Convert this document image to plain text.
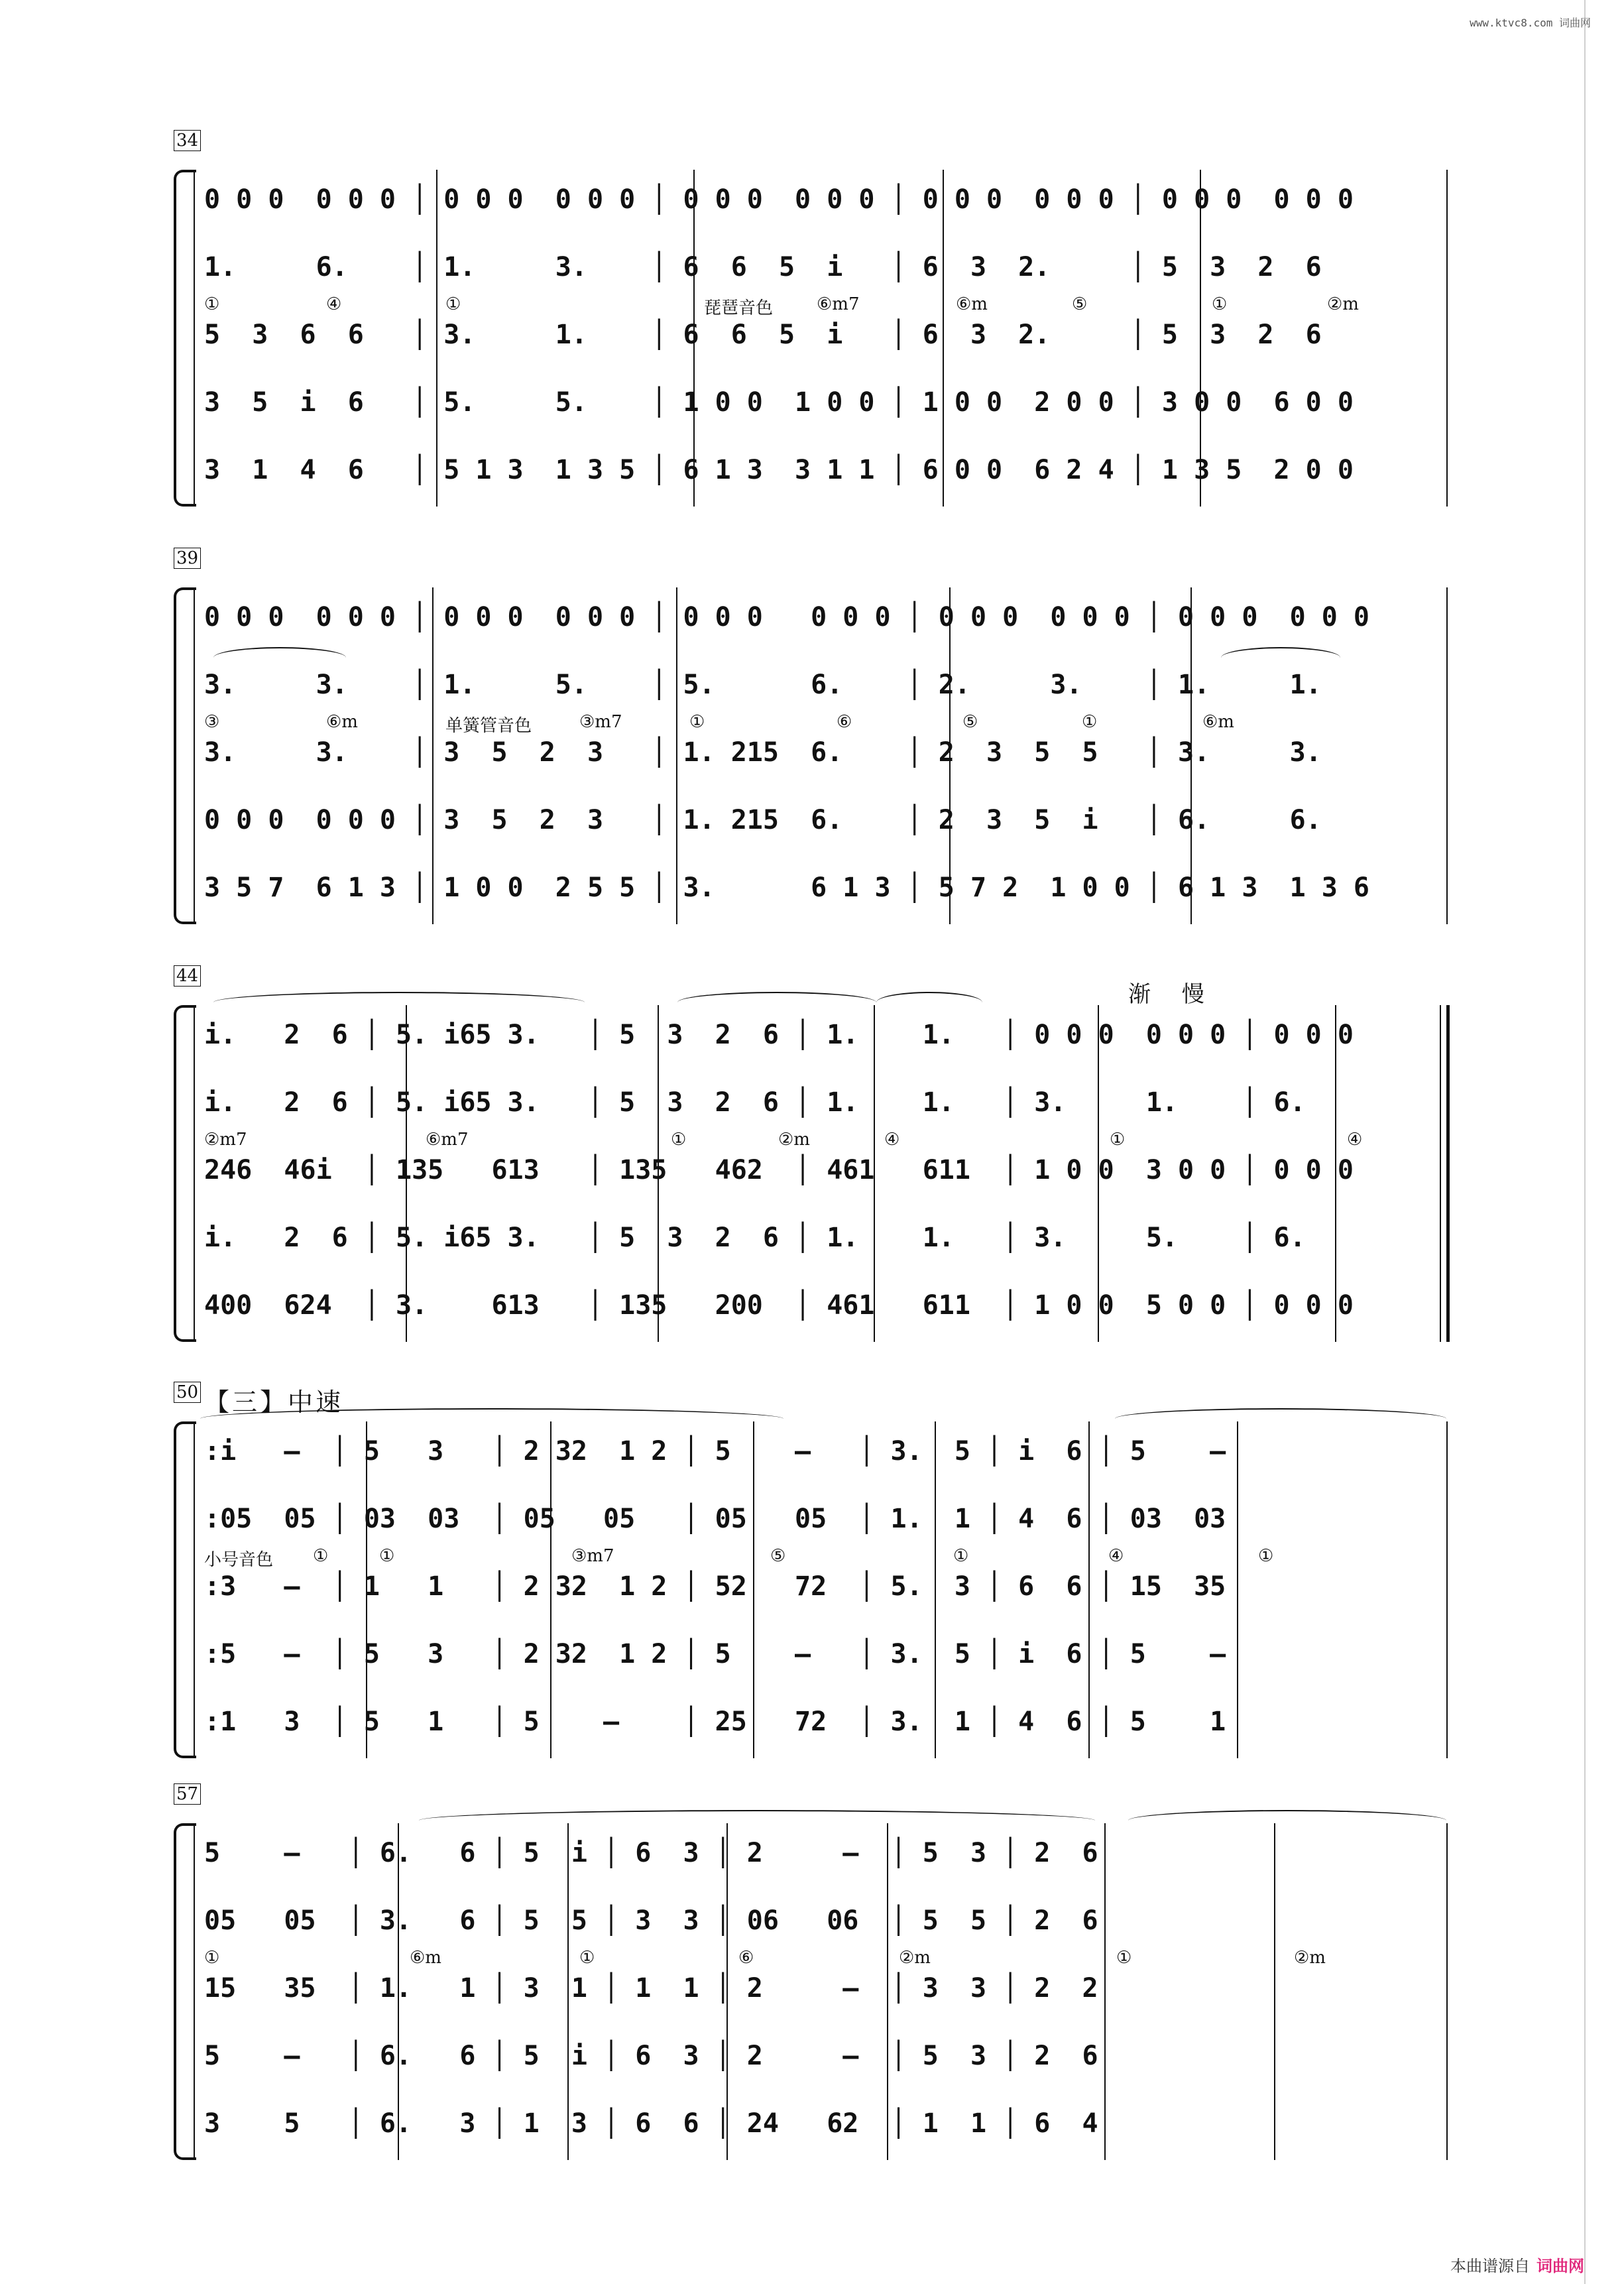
www.ktvc8.com 词曲网
34
0 0 0  0 0 0 │ 0 0 0  0 0 0 │ 0 0 0  0 0 0 │ 0 0 0  0 0 0 │ 0 0 0  0 0 0
1.     6.    │ 1.     3.    │ 6  6  5  i   │ 6  3  2.     │ 5  3  2  6
5  3  6  6   │ 3.     1.    │ 6  6  5  i   │ 6  3  2.     │ 5  3  2  6
3  5  i  6   │ 5.     5.    │ 1 0 0  1 0 0 │ 1 0 0  2 0 0 │ 3 0 0  6 0 0
3  1  4  6   │ 5 1 3  1 3 5 │ 6 1 3  3 1 1 │ 6 0 0  6 2 4 │ 1 3 5  2 0 0
①	④	①	琵琶音色	⑥m7	⑥m	⑤	①	②m
39
0 0 0  0 0 0 │ 0 0 0  0 0 0 │ 0 0 0   0 0 0 │ 0 0 0  0 0 0 │ 0 0 0  0 0 0
3.     3.    │ 1.     5.    │ 5.      6.    │ 2.     3.    │ 1.     1.
3.     3.    │ 3  5  2  3   │ 1. 215  6.    │ 2  3  5  5   │ 3.     3.
0 0 0  0 0 0 │ 3  5  2  3   │ 1. 215  6.    │ 2  3  5  i   │ 6.     6.
3 5 7  6 1 3 │ 1 0 0  2 5 5 │ 3.      6 1 3 │ 5 7 2  1 0 0 │ 6 1 3  1 3 6
③	⑥m	单簧管音色	③m7	①	⑥	⑤	①	⑥m
44
渐 慢
i.   2  6 │ 5. i65 3.   │ 5  3  2  6 │ 1.    1.   │ 0 0 0  0 0 0 │ 0 0 0
i.   2  6 │ 5. i65 3.   │ 5  3  2  6 │ 1.    1.   │ 3.     1.    │ 6.
246  46i  │ 135   613   │ 135   462  │ 461   611  │ 1 0 0  3 0 0 │ 0 0 0
i.   2  6 │ 5. i65 3.   │ 5  3  2  6 │ 1.    1.   │ 3.     5.    │ 6.
400  624  │ 3.    613   │ 135   200  │ 461   611  │ 1 0 0  5 0 0 │ 0 0 0
②m7	⑥m7	①	②m	④	①	④
50 【三】中速
:i   –  │ 5   3   │ 2 32  1 2 │ 5    –   │ 3.  5 │ i  6 │ 5    –
:05  05 │ 03  03  │ 05   05   │ 05   05  │ 1.  1 │ 4  6 │ 03  03
:3   –  │ 1   1   │ 2 32  1 2 │ 52   72  │ 5.  3 │ 6  6 │ 15  35
:5   –  │ 5   3   │ 2 32  1 2 │ 5    –   │ 3.  5 │ i  6 │ 5    –
:1   3  │ 5   1   │ 5    –    │ 25   72  │ 3.  1 │ 4  6 │ 5    1
小号音色 ①	①	③m7	⑤	①	④	①
57
5    –   │ 6.   6 │ 5  i │ 6  3 │ 2     –  │ 5  3 │ 2  6
05   05  │ 3.   6 │ 5  5 │ 3  3 │ 06   06  │ 5  5 │ 2  6
15   35  │ 1.   1 │ 3  1 │ 1  1 │ 2     –  │ 3  3 │ 2  2
5    –   │ 6.   6 │ 5  i │ 6  3 │ 2     –  │ 5  3 │ 2  6
3    5   │ 6.   3 │ 1  3 │ 6  6 │ 24   62  │ 1  1 │ 6  4
①	⑥m	①	⑥	②m	①	②m
本曲谱源自 词曲网
